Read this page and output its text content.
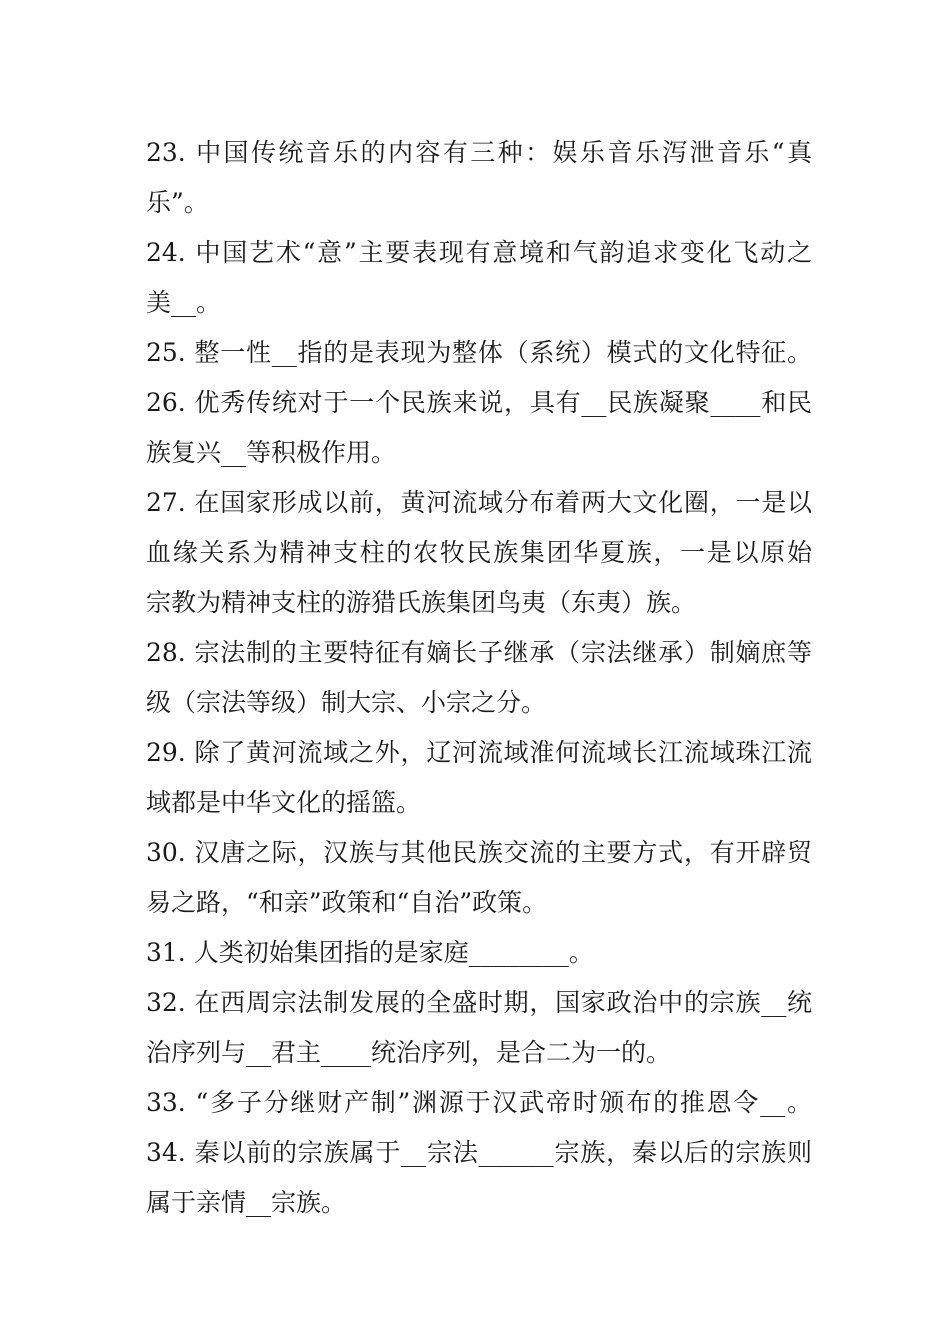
23. 中国传统音乐的内容有三种：娱乐音乐泻泄音乐“真
乐”。
24. 中国艺术“意”主要表现有意境和气韵追求变化飞动之
美__。
25. 整一性__指的是表现为整体（系统）模式的文化特征。
26. 优秀传统对于一个民族来说，具有__民族凝聚____和民
族复兴__等积极作用。
27. 在国家形成以前，黄河流域分布着两大文化圈，一是以
血缘关系为精神支柱的农牧民族集团华夏族，一是以原始
宗教为精神支柱的游猎氏族集团鸟夷（东夷）族。
28. 宗法制的主要特征有嫡长子继承（宗法继承）制嫡庶等
级（宗法等级）制大宗、小宗之分。
29. 除了黄河流域之外，辽河流域淮何流域长江流域珠江流
域都是中华文化的摇篮。
30. 汉唐之际，汉族与其他民族交流的主要方式，有开辟贸
易之路，“和亲”政策和“自治”政策。
31. 人类初始集团指的是家庭________。
32. 在西周宗法制发展的全盛时期，国家政治中的宗族__统
治序列与__君主____统治序列，是合二为一的。
33. “多子分继财产制”渊源于汉武帝时颁布的推恩令__。
34. 秦以前的宗族属于__宗法______宗族，秦以后的宗族则
属于亲情__宗族。
